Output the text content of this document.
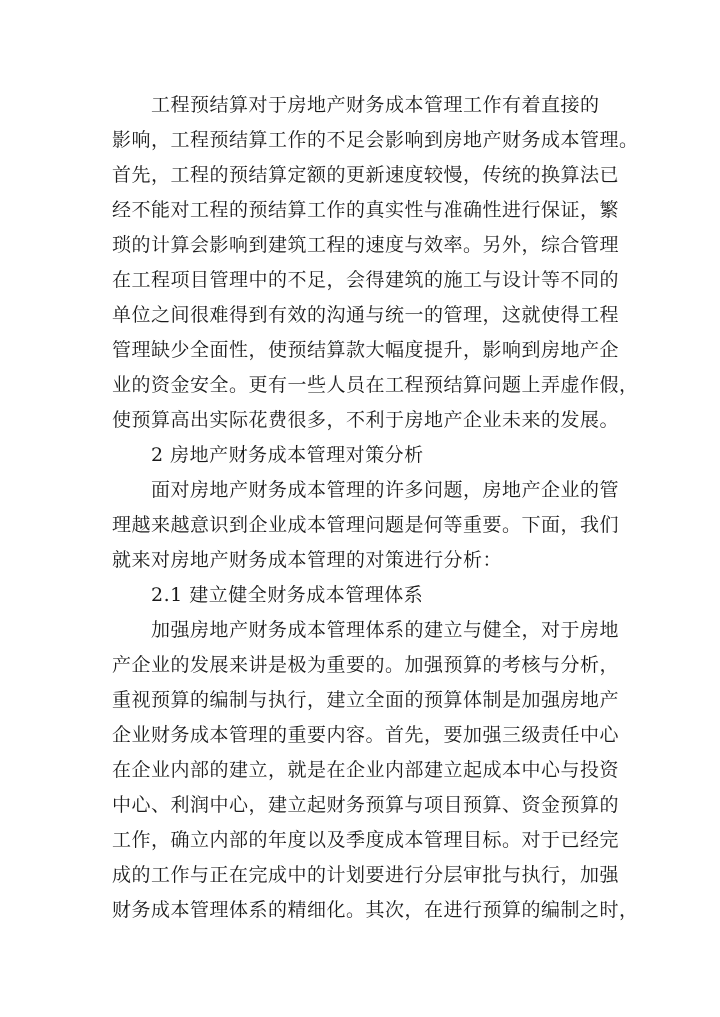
　　工程预结算对于房地产财务成本管理工作有着直接的
影响，工程预结算工作的不足会影响到房地产财务成本管理。
首先，工程的预结算定额的更新速度较慢，传统的换算法已
经不能对工程的预结算工作的真实性与准确性进行保证，繁
琐的计算会影响到建筑工程的速度与效率。另外，综合管理
在工程项目管理中的不足，会得建筑的施工与设计等不同的
单位之间很难得到有效的沟通与统一的管理，这就使得工程
管理缺少全面性，使预结算款大幅度提升，影响到房地产企
业的资金安全。更有一些人员在工程预结算问题上弄虚作假，
使预算高出实际花费很多，不利于房地产企业未来的发展。
　　2 房地产财务成本管理对策分析
　　面对房地产财务成本管理的许多问题，房地产企业的管
理越来越意识到企业成本管理问题是何等重要。下面，我们
就来对房地产财务成本管理的对策进行分析：
　　2.1 建立健全财务成本管理体系
　　加强房地产财务成本管理体系的建立与健全，对于房地
产企业的发展来讲是极为重要的。加强预算的考核与分析，
重视预算的编制与执行，建立全面的预算体制是加强房地产
企业财务成本管理的重要内容。首先，要加强三级责任中心
在企业内部的建立，就是在企业内部建立起成本中心与投资
中心、利润中心，建立起财务预算与项目预算、资金预算的
工作，确立内部的年度以及季度成本管理目标。对于已经完
成的工作与正在完成中的计划要进行分层审批与执行，加强
财务成本管理体系的精细化。其次，在进行预算的编制之时，
